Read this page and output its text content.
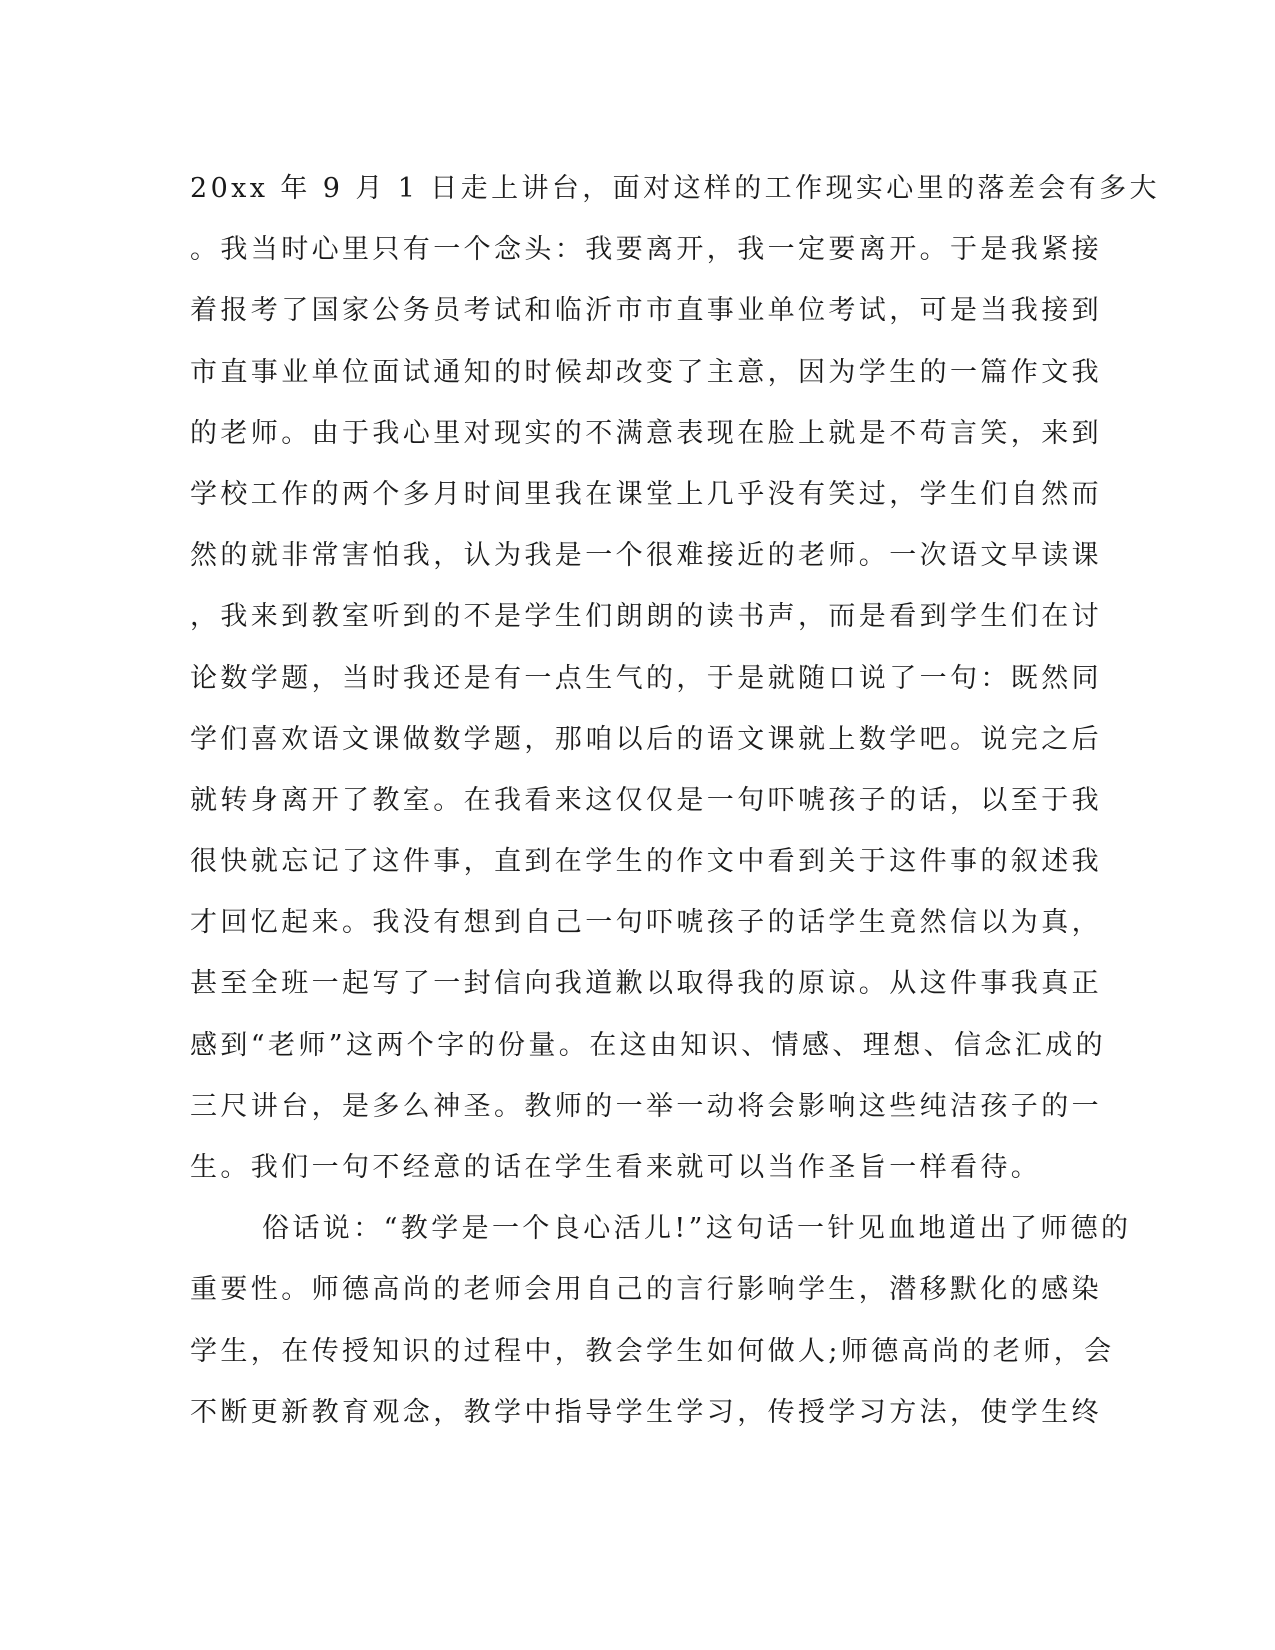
20xx 年 9 月 1 日走上讲台，面对这样的工作现实心里的落差会有多大
。我当时心里只有一个念头：我要离开，我一定要离开。于是我紧接
着报考了国家公务员考试和临沂市市直事业单位考试，可是当我接到
市直事业单位面试通知的时候却改变了主意，因为学生的一篇作文我
的老师。由于我心里对现实的不满意表现在脸上就是不苟言笑，来到
学校工作的两个多月时间里我在课堂上几乎没有笑过，学生们自然而
然的就非常害怕我，认为我是一个很难接近的老师。一次语文早读课
，我来到教室听到的不是学生们朗朗的读书声，而是看到学生们在讨
论数学题，当时我还是有一点生气的，于是就随口说了一句：既然同
学们喜欢语文课做数学题，那咱以后的语文课就上数学吧。说完之后
就转身离开了教室。在我看来这仅仅是一句吓唬孩子的话，以至于我
很快就忘记了这件事，直到在学生的作文中看到关于这件事的叙述我
才回忆起来。我没有想到自己一句吓唬孩子的话学生竟然信以为真，
甚至全班一起写了一封信向我道歉以取得我的原谅。从这件事我真正
感到“老师”这两个字的份量。在这由知识、情感、理想、信念汇成的
三尺讲台，是多么神圣。教师的一举一动将会影响这些纯洁孩子的一
生。我们一句不经意的话在学生看来就可以当作圣旨一样看待。
俗话说：“教学是一个良心活儿!”这句话一针见血地道出了师德的
重要性。师德高尚的老师会用自己的言行影响学生，潜移默化的感染
学生，在传授知识的过程中，教会学生如何做人;师德高尚的老师，会
不断更新教育观念，教学中指导学生学习，传授学习方法，使学生终
